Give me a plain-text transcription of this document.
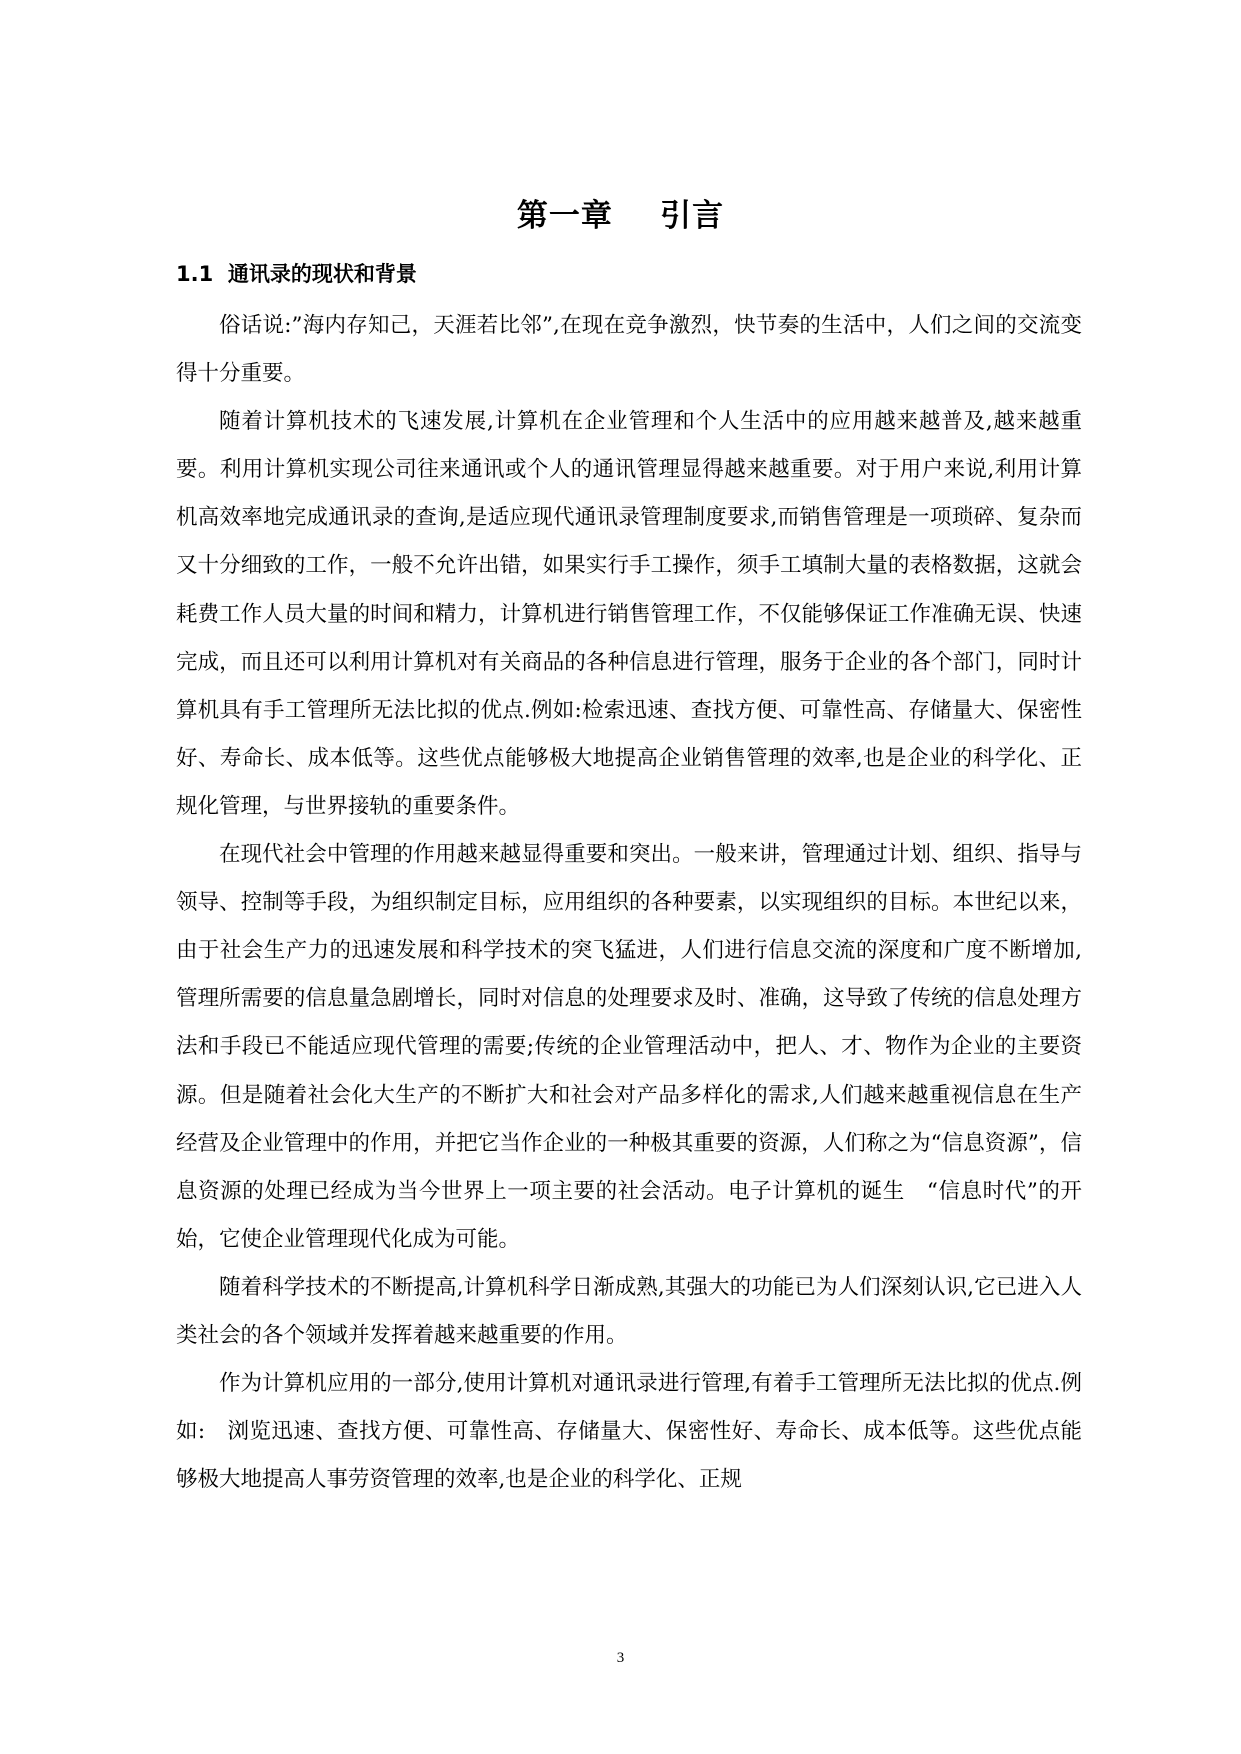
第一章    引言
1.1  通讯录的现状和背景

俗话说:”海内存知己，天涯若比邻”,在现在竞争激烈，快节奏的生活中，人们之间的交流变得十分重要。

随着计算机技术的飞速发展,计算机在企业管理和个人生活中的应用越来越普及,越来越重要。利用计算机实现公司往来通讯或个人的通讯管理显得越来越重要。对于用户来说,利用计算机高效率地完成通讯录的查询,是适应现代通讯录管理制度要求,而销售管理是一项琐碎、复杂而又十分细致的工作，一般不允许出错，如果实行手工操作，须手工填制大量的表格数据，这就会耗费工作人员大量的时间和精力，计算机进行销售管理工作，不仅能够保证工作准确无误、快速完成，而且还可以利用计算机对有关商品的各种信息进行管理，服务于企业的各个部门，同时计算机具有手工管理所无法比拟的优点.例如:检索迅速、查找方便、可靠性高、存储量大、保密性好、寿命长、成本低等。这些优点能够极大地提高企业销售管理的效率,也是企业的科学化、正规化管理，与世界接轨的重要条件。

在现代社会中管理的作用越来越显得重要和突出。一般来讲，管理通过计划、组织、指导与领导、控制等手段，为组织制定目标，应用组织的各种要素，以实现组织的目标。本世纪以来，由于社会生产力的迅速发展和科学技术的突飞猛进，人们进行信息交流的深度和广度不断增加,管理所需要的信息量急剧增长，同时对信息的处理要求及时、准确，这导致了传统的信息处理方法和手段已不能适应现代管理的需要;传统的企业管理活动中，把人、才、物作为企业的主要资源。但是随着社会化大生产的不断扩大和社会对产品多样化的需求,人们越来越重视信息在生产经营及企业管理中的作用，并把它当作企业的一种极其重要的资源，人们称之为“信息资源”，信息资源的处理已经成为当今世界上一项主要的社会活动。电子计算机的诞生　“信息时代”的开始，它使企业管理现代化成为可能。

随着科学技术的不断提高,计算机科学日渐成熟,其强大的功能已为人们深刻认识,它已进入人类社会的各个领域并发挥着越来越重要的作用。

作为计算机应用的一部分,使用计算机对通讯录进行管理,有着手工管理所无法比拟的优点.例如:　浏览迅速、查找方便、可靠性高、存储量大、保密性好、寿命长、成本低等。这些优点能够极大地提高人事劳资管理的效率,也是企业的科学化、正规

3
